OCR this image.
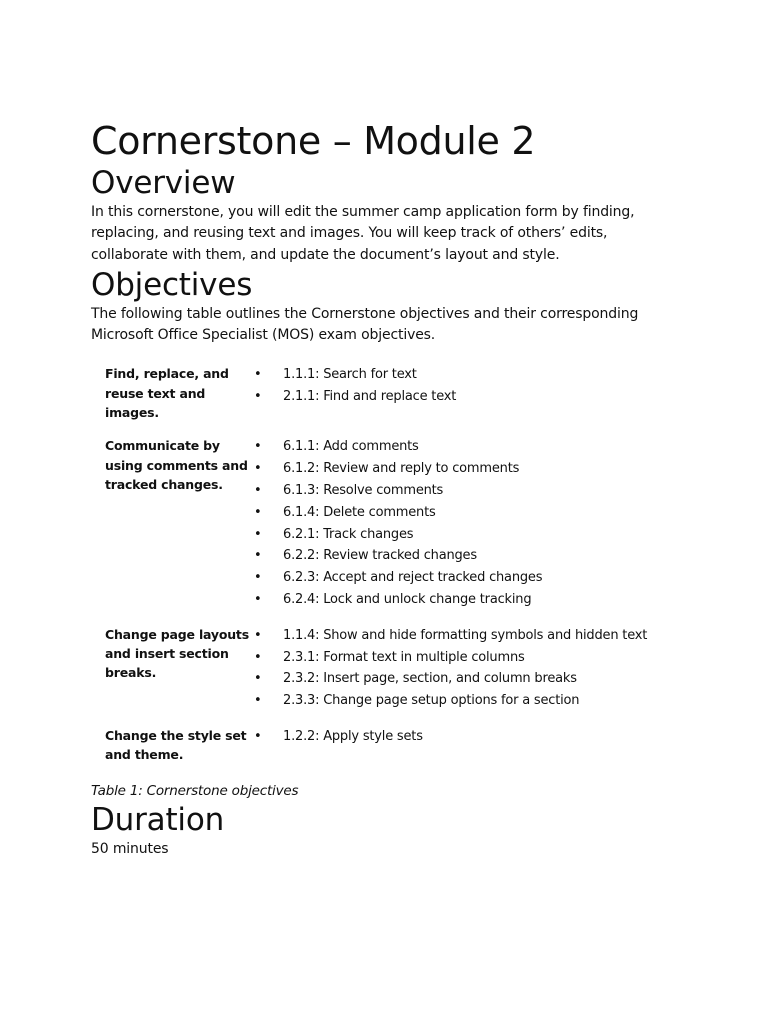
Cornerstone – Module 2
Overview

In this cornerstone, you will edit the summer camp application form by finding, replacing, and reusing text and images. You will keep track of others’ edits, collaborate with them, and update the document’s layout and style.

Objectives

The following table outlines the Cornerstone objectives and their corresponding Microsoft Office Specialist (MOS) exam objectives.

Find, replace, and reuse text and images.
• 1.1.1: Search for text
• 2.1.1: Find and replace text
Communicate by using comments and tracked changes.
• 6.1.1: Add comments
• 6.1.2: Review and reply to comments
• 6.1.3: Resolve comments
• 6.1.4: Delete comments
• 6.2.1: Track changes
• 6.2.2: Review tracked changes
• 6.2.3: Accept and reject tracked changes
• 6.2.4: Lock and unlock change tracking
Change page layouts and insert section breaks.
• 1.1.4: Show and hide formatting symbols and hidden text
• 2.3.1: Format text in multiple columns
• 2.3.2: Insert page, section, and column breaks
• 2.3.3: Change page setup options for a section
Change the style set and theme.
• 1.2.2: Apply style sets

Table 1: Cornerstone objectives

Duration

50 minutes
